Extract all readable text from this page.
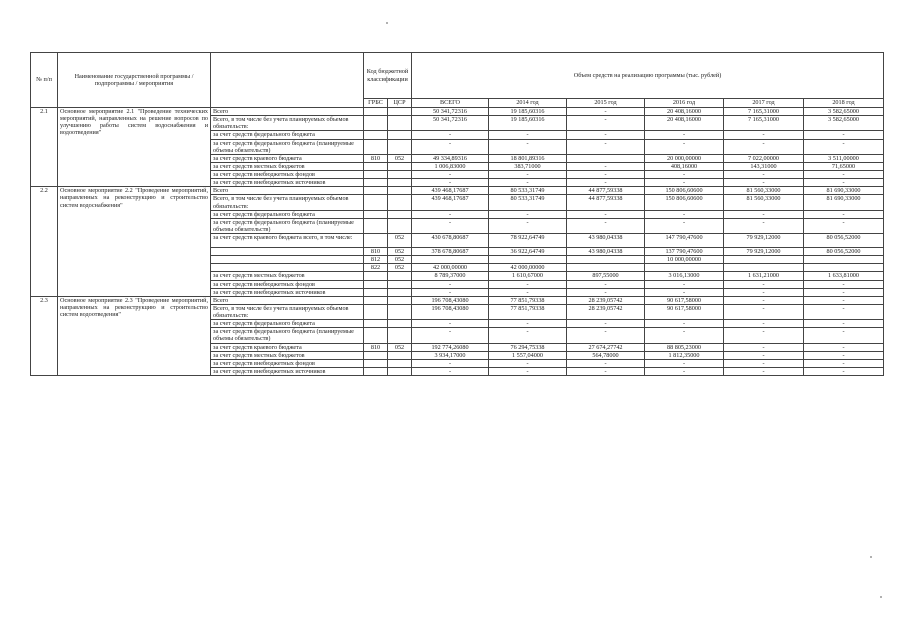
№ п/п	Наименование государственной программы / подпрограммы / мероприятия		Код бюджетной классификации		Объем средств на реализацию программы (тыс. рублей)					
			ГРБС	ЦСР	ВСЕГО	2014 год	2015 год	2016 год	2017 год	2018 год
2.1	Основное мероприятие 2.1 "Проведение технических мероприятий, направленных на решение вопросов по улучшению работы систем водоснабжения и водоотведения"	Всего			50 341,72316	19 185,60316	-	20 408,16000	7 165,31000	3 582,65000
		Всего, в том числе без учета планируемых объемов обязательств:			50 341,72316	19 185,60316	-	20 408,16000	7 165,31000	3 582,65000
		за счет средств федерального бюджета			-	-	-	-	-	-
		за счет средств федерального бюджета (планируемые объемы обязательств)			-	-	-	-	-	-
		за счет средств краевого бюджета	810	052	49 334,89316	18 801,89316		20 000,00000	7 022,00000	3 511,00000
		за счет средств местных бюджетов			1 006,83000	383,71000	-	408,16000	143,31000	71,65000
		за счет средств внебюджетных фондов			-	-	-	-	-	-
		за счет средств внебюджетных источников			-	-	-	-	-	-
2.2	Основное мероприятие 2.2 "Проведение мероприятий, направленных на реконструкцию и строительство систем водоснабжения"	Всего			439 468,17687	80 533,31749	44 877,59338	150 806,60600	81 560,33000	81 690,33000
		Всего, в том числе без учета планируемых объемов обязательств:			439 468,17687	80 533,31749	44 877,59338	150 806,60600	81 560,33000	81 690,33000
		за счет средств федерального бюджета			-	-	-	-	-	-
		за счет средств федерального бюджета (планируемые объемы обязательств)			-	-	-	-	-	-
		за счет средств краевого бюджета всего, в том числе:		052	430 678,80687	78 922,64749	43 980,04338	147 790,47600	79 929,12000	80 056,52000
			810	052	378 678,80687	36 922,64749	43 980,04338	137 790,47600	79 929,12000	80 056,52000
			812	052				10 000,00000		
			822	052	42 000,00000	42 000,00000				
		за счет средств местных бюджетов			8 789,37000	1 610,67000	897,55000	3 016,13000	1 631,21000	1 633,81000
		за счет средств внебюджетных фондов			-	-	-	-	-	-
		за счет средств внебюджетных источников			-	-	-	-	-	-
2.3	Основное мероприятие 2.3 "Проведение мероприятий, направленных на реконструкцию и строительство систем водоотведения"	Всего			196 708,43080	77 851,79338	28 239,05742	90 617,58000	-	-
		Всего, в том числе без учета планируемых объемов обязательств:			196 708,43080	77 851,79338	28 239,05742	90 617,58000	-	-
		за счет средств федерального бюджета			-	-	-	-	-	-
		за счет средств федерального бюджета (планируемые объемы обязательств)			-	-	-	-	-	-
		за счет средств краевого бюджета	810	052	192 774,26080	76 294,75338	27 674,27742	88 805,23000	-	-
		за счет средств местных бюджетов			3 934,17000	1 557,04000	564,78000	1 812,35000	-	-
		за счет средств внебюджетных фондов			-	-	-	-	-	-
		за счет средств внебюджетных источников			-	-	-	-	-	-
